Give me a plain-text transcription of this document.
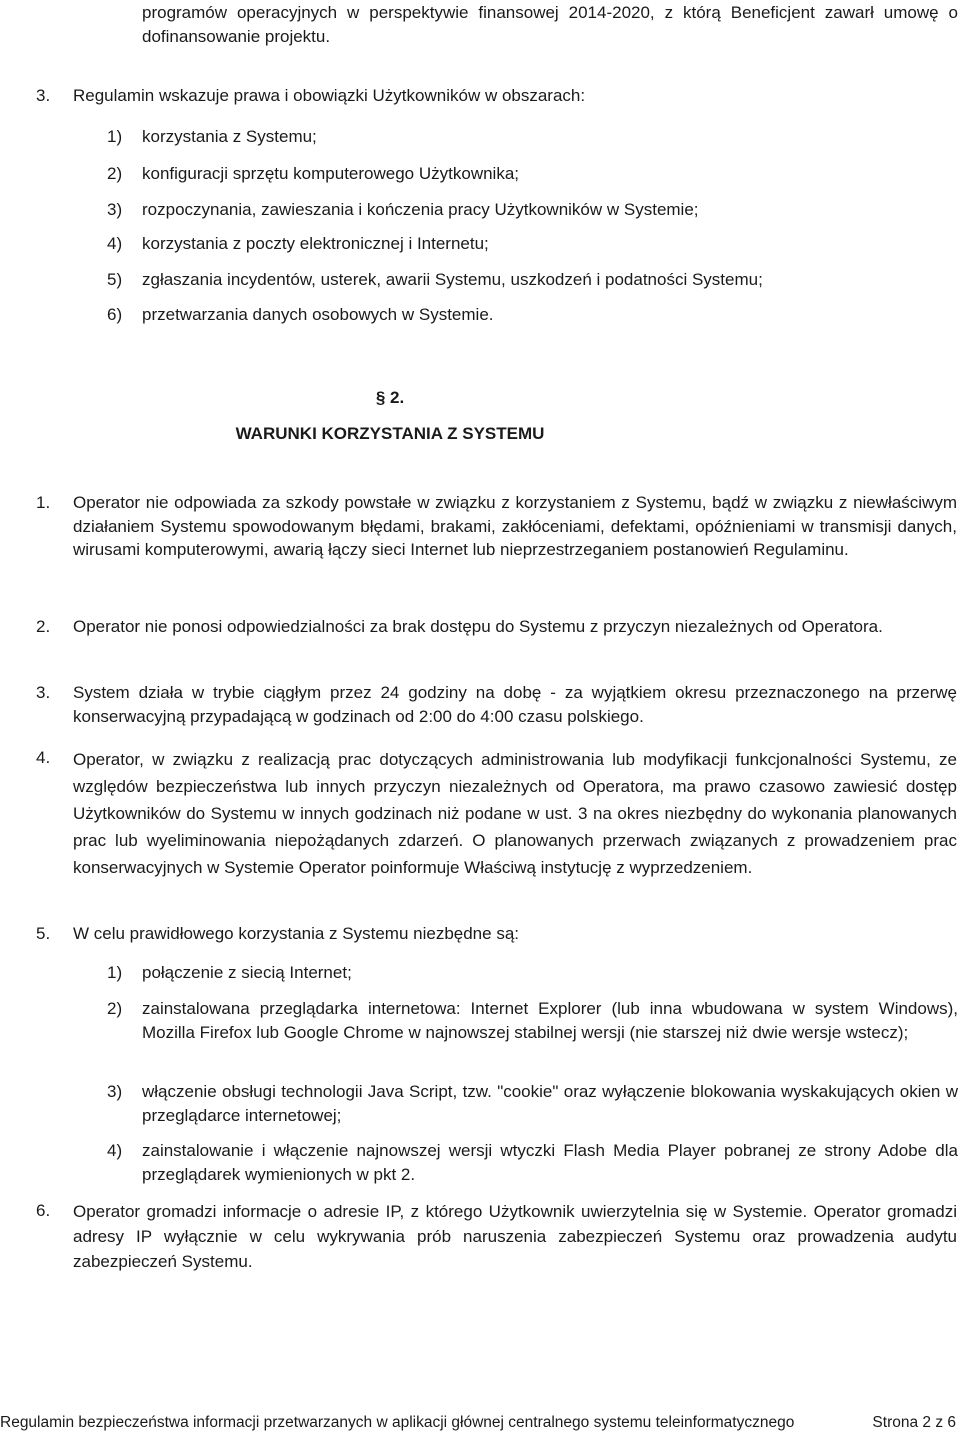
programów operacyjnych w perspektywie finansowej 2014-2020, z którą Beneficjent zawarł umowę o dofinansowanie projektu.

3. Regulamin wskazuje prawa i obowiązki Użytkowników w obszarach:

1) korzystania z Systemu;

2) konfiguracji sprzętu komputerowego Użytkownika;

3) rozpoczynania, zawieszania i kończenia pracy Użytkowników w Systemie;

4) korzystania z poczty elektronicznej i Internetu;

5) zgłaszania incydentów, usterek, awarii Systemu, uszkodzeń i podatności Systemu;

6) przetwarzania danych osobowych w Systemie.

§ 2.
WARUNKI KORZYSTANIA Z SYSTEMU
1. Operator nie odpowiada za szkody powstałe w związku z korzystaniem z Systemu, bądź w związku z niewłaściwym działaniem Systemu spowodowanym błędami, brakami, zakłóceniami, defektami, opóźnieniami w transmisji danych, wirusami komputerowymi, awarią łączy sieci Internet lub nieprzestrzeganiem postanowień Regulaminu.

2. Operator nie ponosi odpowiedzialności za brak dostępu do Systemu z przyczyn niezależnych od Operatora.

3. System działa w trybie ciągłym przez 24 godziny na dobę - za wyjątkiem okresu przeznaczonego na przerwę konserwacyjną przypadającą w godzinach od 2:00 do 4:00 czasu polskiego.

4. Operator, w związku z realizacją prac dotyczących administrowania lub modyfikacji funkcjonalności Systemu, ze względów bezpieczeństwa lub innych przyczyn niezależnych od Operatora, ma prawo czasowo zawiesić dostęp Użytkowników do Systemu w innych godzinach niż podane w ust. 3 na okres niezbędny do wykonania planowanych prac lub wyeliminowania niepożądanych zdarzeń. O planowanych przerwach związanych z prowadzeniem prac konserwacyjnych w Systemie Operator poinformuje Właściwą instytucję z wyprzedzeniem.

5. W celu prawidłowego korzystania z Systemu niezbędne są:

1) połączenie z siecią Internet;

2) zainstalowana przeglądarka internetowa: Internet Explorer (lub inna wbudowana w system Windows), Mozilla Firefox lub Google Chrome w najnowszej stabilnej wersji (nie starszej niż dwie wersje wstecz);

3) włączenie obsługi technologii Java Script, tzw. "cookie" oraz wyłączenie blokowania wyskakujących okien w przeglądarce internetowej;

4) zainstalowanie i włączenie najnowszej wersji wtyczki Flash Media Player pobranej ze strony Adobe dla przeglądarek wymienionych w pkt 2.

6. Operator gromadzi informacje o adresie IP, z którego Użytkownik uwierzytelnia się w Systemie. Operator gromadzi adresy IP wyłącznie w celu wykrywania prób naruszenia zabezpieczeń Systemu oraz prowadzenia audytu zabezpieczeń Systemu.

Regulamin bezpieczeństwa informacji przetwarzanych w aplikacji głównej centralnego systemu teleinformatycznego	Strona 2 z 6
